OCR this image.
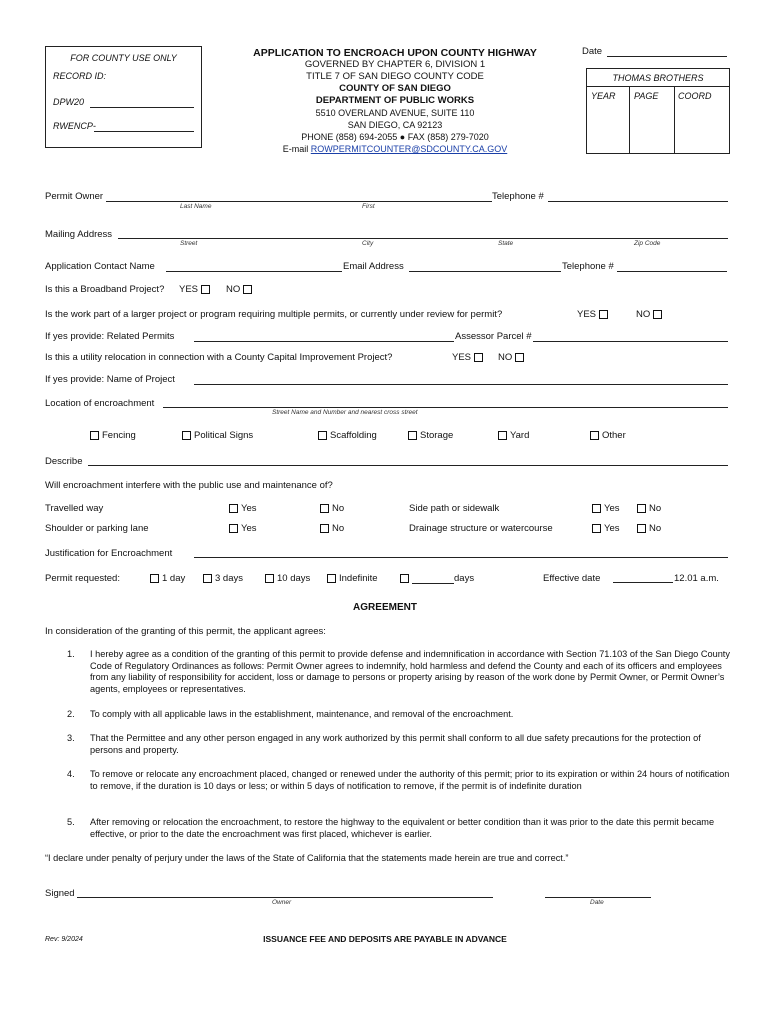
FOR COUNTY USE ONLY
RECORD ID:
DPW20
RWENCP-
APPLICATION TO ENCROACH UPON COUNTY HIGHWAY
GOVERNED BY CHAPTER 6, DIVISION 1
TITLE 7 OF SAN DIEGO COUNTY CODE
COUNTY OF SAN DIEGO
DEPARTMENT OF PUBLIC WORKS
5510 OVERLAND AVENUE, SUITE 110
SAN DIEGO, CA 92123
PHONE (858) 694-2055 ● FAX (858) 279-7020
E-mail ROWPERMITCOUNTER@SDCOUNTY.CA.GOV
Date
THOMAS BROTHERS
YEAR PAGE COORD
Permit Owner
Last Name	First
Telephone #
Mailing Address
Street	City	State	Zip Code
Application Contact Name	Email Address	Telephone #
Is this a Broadband Project? YES	NO
Is the work part of a larger project or program requiring multiple permits, or currently under review for permit?	YES	NO
If yes provide: Related Permits	Assessor Parcel #
Is this a utility relocation in connection with a County Capital Improvement Project?	YES	NO
If yes provide: Name of Project
Location of encroachment
Street Name and Number and nearest cross street
Fencing	Political Signs	Scaffolding	Storage	Yard	Other
Describe
Will encroachment interfere with the public use and maintenance of?
Travelled way	Yes	No	Side path or sidewalk	Yes	No
Shoulder or parking lane	Yes	No	Drainage structure or watercourse	Yes	No
Justification for Encroachment
Permit requested:	1 day	3 days	10 days	Indefinite	days	Effective date	12.01 a.m.
AGREEMENT
In consideration of the granting of this permit, the applicant agrees:
1. I hereby agree as a condition of the granting of this permit to provide defense and indemnification in accordance with Section 71.103 of the San Diego County Code of Regulatory Ordinances as follows: Permit Owner agrees to indemnify, hold harmless and defend the County and each of its officers and employees from any liability of responsibility for accident, loss or damage to persons or property arising by reason of the work done by Permit Owner, or Permit Owner’s agents, employees or representatives.
2. To comply with all applicable laws in the establishment, maintenance, and removal of the encroachment.
3. That the Permittee and any other person engaged in any work authorized by this permit shall conform to all due safety precautions for the protection of persons and property.
4. To remove or relocate any encroachment placed, changed or renewed under the authority of this permit; prior to its expiration or within 24 hours of notification to remove, if the duration is 10 days or less; or within 5 days of notification to remove, if the permit is of indefinite duration
5. After removing or relocation the encroachment, to restore the highway to the equivalent or better condition than it was prior to the date this permit became effective, or prior to the date the encroachment was first placed, whichever is earlier.
“I declare under penalty of perjury under the laws of the State of California that the statements made herein are true and correct.”
Signed
Owner	Date
Rev: 9/2024	ISSUANCE FEE AND DEPOSITS ARE PAYABLE IN ADVANCE
